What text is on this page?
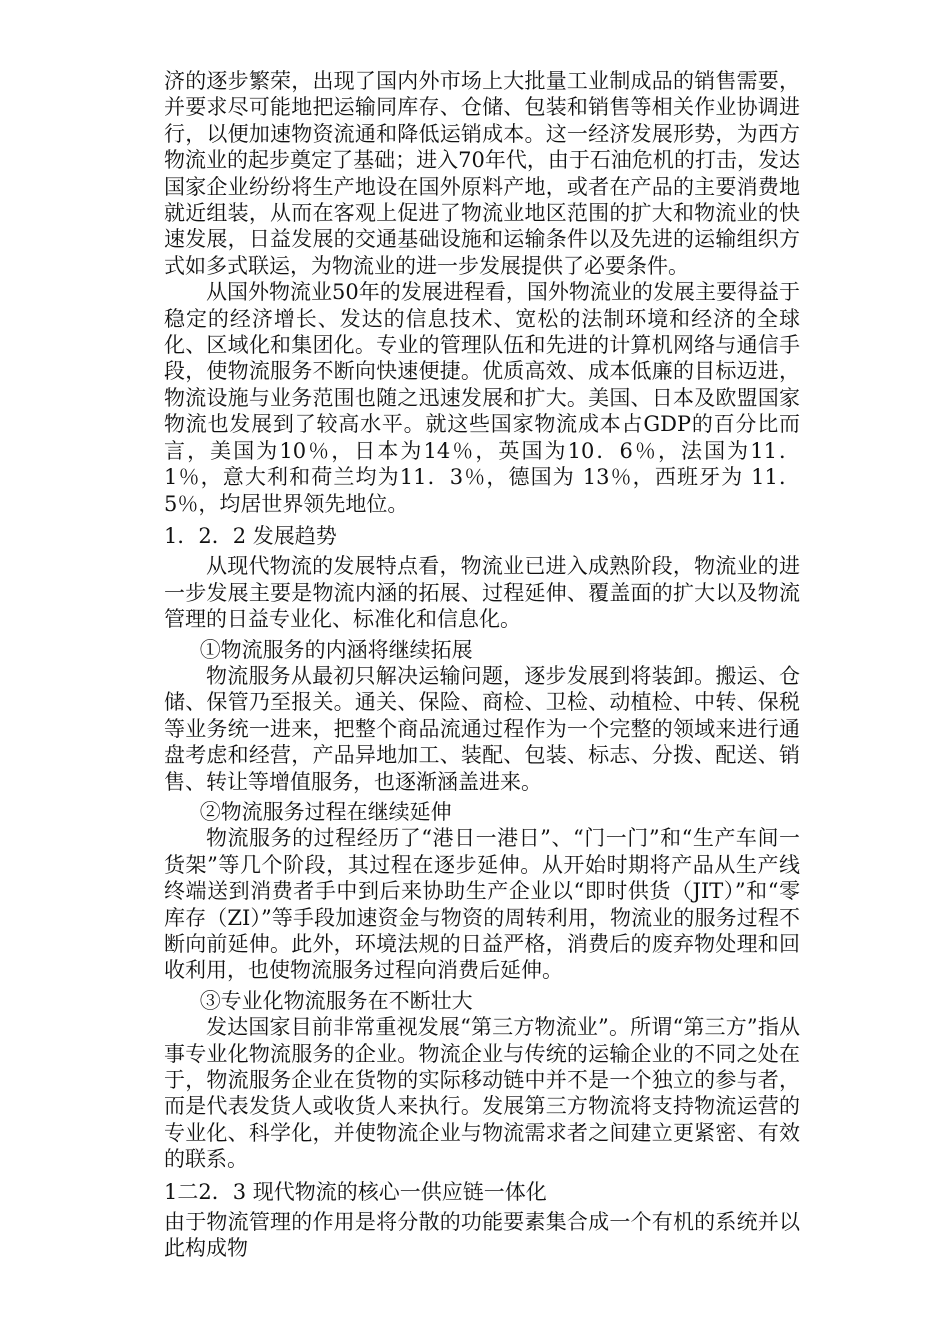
济的逐步繁荣，出现了国内外市场上大批量工业制成品的销售需要，并要求尽可能地把运输同库存、仓储、包装和销售等相关作业协调进行，以便加速物资流通和降低运销成本。这一经济发展形势，为西方物流业的起步奠定了基础；进入70年代，由于石油危机的打击，发达国家企业纷纷将生产地设在国外原料产地，或者在产品的主要消费地就近组装，从而在客观上促进了物流业地区范围的扩大和物流业的快速发展，日益发展的交通基础设施和运输条件以及先进的运输组织方式如多式联运，为物流业的进一步发展提供了必要条件。

从国外物流业50年的发展进程看，国外物流业的发展主要得益于稳定的经济增长、发达的信息技术、宽松的法制环境和经济的全球化、区域化和集团化。专业的管理队伍和先进的计算机网络与通信手段，使物流服务不断向快速便捷。优质高效、成本低廉的目标迈进，物流设施与业务范围也随之迅速发展和扩大。美国、日本及欧盟国家物流也发展到了较高水平。就这些国家物流成本占GDP的百分比而言，美国为10％，日本为14％，英国为10．6％，法国为11．1％，意大利和荷兰均为11．3％，德国为 13％，西班牙为 11．5％，均居世界领先地位。

1．2．2 发展趋势

从现代物流的发展特点看，物流业已进入成熟阶段，物流业的进一步发展主要是物流内涵的拓展、过程延伸、覆盖面的扩大以及物流管理的日益专业化、标准化和信息化。

①物流服务的内涵将继续拓展

物流服务从最初只解决运输问题，逐步发展到将装卸。搬运、仓储、保管乃至报关。通关、保险、商检、卫检、动植检、中转、保税等业务统一进来，把整个商品流通过程作为一个完整的领域来进行通盘考虑和经营，产品异地加工、装配、包装、标志、分拨、配送、销售、转让等增值服务，也逐渐涵盖进来。

②物流服务过程在继续延伸

物流服务的过程经历了“港日一港日”、“门一门”和“生产车间一货架”等几个阶段，其过程在逐步延伸。从开始时期将产品从生产线终端送到消费者手中到后来协助生产企业以“即时供货（JIT）”和“零库存（ZI）”等手段加速资金与物资的周转利用，物流业的服务过程不断向前延伸。此外，环境法规的日益严格，消费后的废弃物处理和回收利用，也使物流服务过程向消费后延伸。

③专业化物流服务在不断壮大

发达国家目前非常重视发展“第三方物流业”。所谓“第三方”指从事专业化物流服务的企业。物流企业与传统的运输企业的不同之处在于，物流服务企业在货物的实际移动链中并不是一个独立的参与者，而是代表发货人或收货人来执行。发展第三方物流将支持物流运营的专业化、科学化，并使物流企业与物流需求者之间建立更紧密、有效的联系。

1二2．3 现代物流的核心一供应链一体化

由于物流管理的作用是将分散的功能要素集合成一个有机的系统并以此构成物
